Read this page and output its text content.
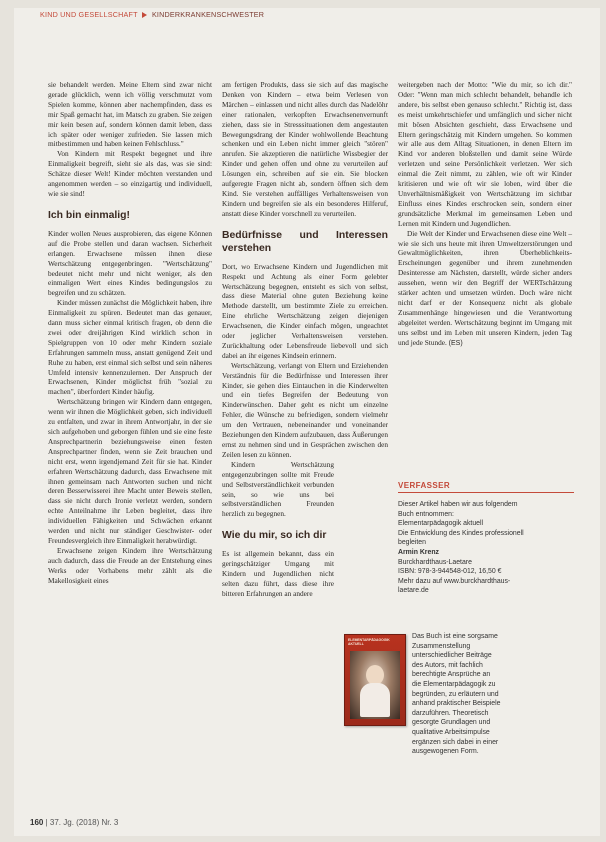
KIND UND GESELLSCHAFT KINDERKRANKENSCHWESTER

sie behandelt werden. Meine Eltern sind zwar nicht gerade glücklich, wenn ich völlig verschmutzt vom Spielen komme, können aber nachempfinden, dass es mir Spaß gemacht hat, im Matsch zu graben. Sie zeigen mir kein besen auf, sondern können damit leben, dass ich später oder weniger zufrieden. Sie lassen mich mitbestimmen und haben keinen Fehlschluss."

Von Kindern mit Respekt begegnet und ihre Einmaligkeit begreift, sieht sie als das, was sie sind: Schätze dieser Welt! Kinder möchten verstanden und angenommen werden – so einzigartig und individuell, wie sie sind!

Ich bin einmalig!

Kinder wollen Neues ausprobieren, das eigene Können auf die Probe stellen und daran wachsen. Sicherheit erlangen. Erwachsene müssen ihnen diese Wertschätzung entgegenbringen. "Wertschätzung" bedeutet nicht mehr und nicht weniger, als den einmaligen Wert eines Kindes bedingungslos zu begreifen und zu schätzen.

Kinder müssen zunächst die Möglichkeit haben, ihre Einmaligkeit zu spüren. Bedeutet man das genauer, dann muss sicher einmal kritisch fragen, ob denn die zwei oder dreijährigen Kind wirklich schon in Spielgruppen von 10 oder mehr Kindern soziale Erfahrungen sammeln muss, anstatt genügend Zeit und Ruhe zu haben, erst einmal sich selbst und sein näheres Umfeld intensiv kennenzulernen. Der Anspruch der Erwachsenen, Kinder möglichst früh "sozial zu machen", überfordert Kinder häufig.

Wertschätzung bringen wir Kindern dann entgegen, wenn wir ihnen die Möglichkeit geben, sich individuell zu entfalten, und zwar in ihrem Antwortjahr, in der sie sich aufgehoben und geborgen fühlen und sie eine feste Ansprechpartnerin beziehungsweise einen festen Ansprechpartner finden, wenn sie Zeit brauchen und nicht erst, wenn irgendjemand Zeit für sie hat. Kinder erfahren Wertschätzung dadurch, dass Erwachsene mit ihnen gemeinsam nach Antworten suchen und nicht deren Besserwisserei ihre Macht unter Beweis stellen, dass sie nicht durch Ironie verletzt werden, sondern echte Anteilnahme ihr Leben begleitet, dass ihre individuellen Fähigkeiten und Schwächen erkannt werden und nicht nur ständiger Geschwister- oder Freundesvergleich ihre Einmaligkeit herabwürdigt.

Erwachsene zeigen Kindern ihre Wertschätzung auch dadurch, dass die Freude an der Entstehung eines Werks oder Vorhabens mehr zählt als die Makellosigkeit eines

am fertigen Produkts, dass sie sich auf das magische Denken von Kindern – etwa beim Verlesen von Märchen – einlassen und nicht alles durch das Nadelöhr einer rationalen, verkopften Erwachsenenvernunft ziehen, dass sie in Stresssituationen dem angestauten Bewegungsdrang der Kinder wohlwollende Beachtung schenken und ein Leben nicht immer gleich "stören" anrufen. Sie akzeptieren die natürliche Wissbegier der Kinder und gehen offen und ohne zu verurteilen auf Lösungen ein, schreiben auf sie ein. Sie blocken aufgeregte Fragen nicht ab, sondern öffnen sich dem Kind. Sie verstehen auffälliges Verhaltensweisen von Kindern und begreifen sie als ein besonderes Hilferuf, anstatt diese Kinder vorschnell zu verurteilen.

Bedürfnisse und Interessen verstehen

Dort, wo Erwachsene Kindern und Jugendlichen mit Respekt und Achtung als einer Form gelebter Wertschätzung begegnen, entsteht es sich von selbst, dass diese Material ohne guten Beziehung keine Methode darstellt, um bestimmte Ziele zu erreichen. Eine ehrliche Wertschätzung zeigen diejenigen Erwachsenen, die Kinder einfach mögen, ungeachtet oder jeglicher Verhaltensweisen verstehen. Zurückhaltung oder Lebensfreude liebevoll und sich dabei an ihr eigenes Kindsein erinnern.

Wertschätzung, verlangt von Eltern und Erziehenden Verständnis für die Bedürfnisse und Interessen ihrer Kinder, sie gehen dies Eintauchen in die Kinderwelten und ein tiefes Begreifen der Bedeutung von Kinderwünschen. Daher geht es nicht um einzelne Fehler, die Wünsche zu befriedigen, sondern vielmehr um den Vertrauen, nebeneinander und voneinander Beziehungen den Kindern aufzubauen, dass Äußerungen ernst zu nehmen sind und in Gesprächen zwischen den Zeilen lesen zu können.

Kindern Wertschätzung entgegenzubringen sollte mit Freude und Selbstverständlichkeit verbunden sein, so wie uns bei selbstverständlichen Freunden herzlich zu begegnen.

Wie du mir, so ich dir

Es ist allgemein bekannt, dass ein geringschätziger Umgang mit Kindern und Jugendlichen nicht selten dazu führt, dass diese ihre bitteren Erfahrungen an andere

weitergeben nach der Motto: "Wie du mir, so ich dir." Oder: "Wenn man mich schlecht behandelt, behandle ich andere, bis selbst eben genauso schlecht." Richtig ist, dass es meist umkehrtschiefer und umfänglich und sicher nicht mit bösen Absichten geschieht, dass Erwachsene und Eltern geringschätzig mit Kindern umgehen. So kommen wir alle aus dem Alltag Situationen, in denen Eltern im Kind vor anderen bloßstellen und damit seine Würde verletzen und seine Persönlichkeit verletzen. Wer sich einmal die Zeit nimmt, zu zählen, wie oft wir Kinder kritisieren und wie oft wir sie loben, wird über die Unverhältnismäßigkeit von Wertschätzung im sichtbar Einfluss eines Kindes erschrocken sein, sondern einer grundsätzliche Merkmal im gemeinsamen Leben und Lernen mit Kindern und Jugendlichen.

Die Welt der Kinder und Erwachsenen diese eine Welt – wie sie sich uns heute mit ihren Umweltzerstörungen und Gewaltmöglichkeiten, ihren Überheblichkeits-Erscheinungen gegenüber und ihrem zunehmenden Desinteresse am Nächsten, darstellt, würde sicher anders aussehen, wenn wir den Begriff der WERTschätzung stärker achten und umsetzen würden. Doch wäre nicht nicht darf er der Konsequenz nicht als globale Zusammenhänge hingewiesen und die Verantwortung abgeleitet werden. Wertschätzung beginnt im Umgang mit uns selbst und im Leben mit unseren Kindern, jeden Tag und jede Stunde. (ES)

VERFASSER
Dieser Artikel haben wir aus folgendem
Buch entnommen:
Elementarpädagogik aktuell
Die Entwicklung des Kindes professionell
begleiten
Armin Krenz
Burckhardthaus-Laetare
ISBN: 978-3-944548-012, 16,50 €
Mehr dazu auf www.burckhardthaus-
laetare.de
ELEMENTARPÄDAGOGIK AKTUELL
Das Buch ist eine sorgsame
Zusammenstellung
unterschiedlicher Beiträge
des Autors, mit fachlich
berechtigte Ansprüche an
die Elementarpädagogik zu
begründen, zu erläutern und
anhand praktischer Beispiele
darzuführen. Theoretisch
gesorgte Grundlagen und
qualitative Arbeitsimpulse
ergänzen sich dabei in einer
ausgewogenen Form.
160 | 37. Jg. (2018) Nr. 3
